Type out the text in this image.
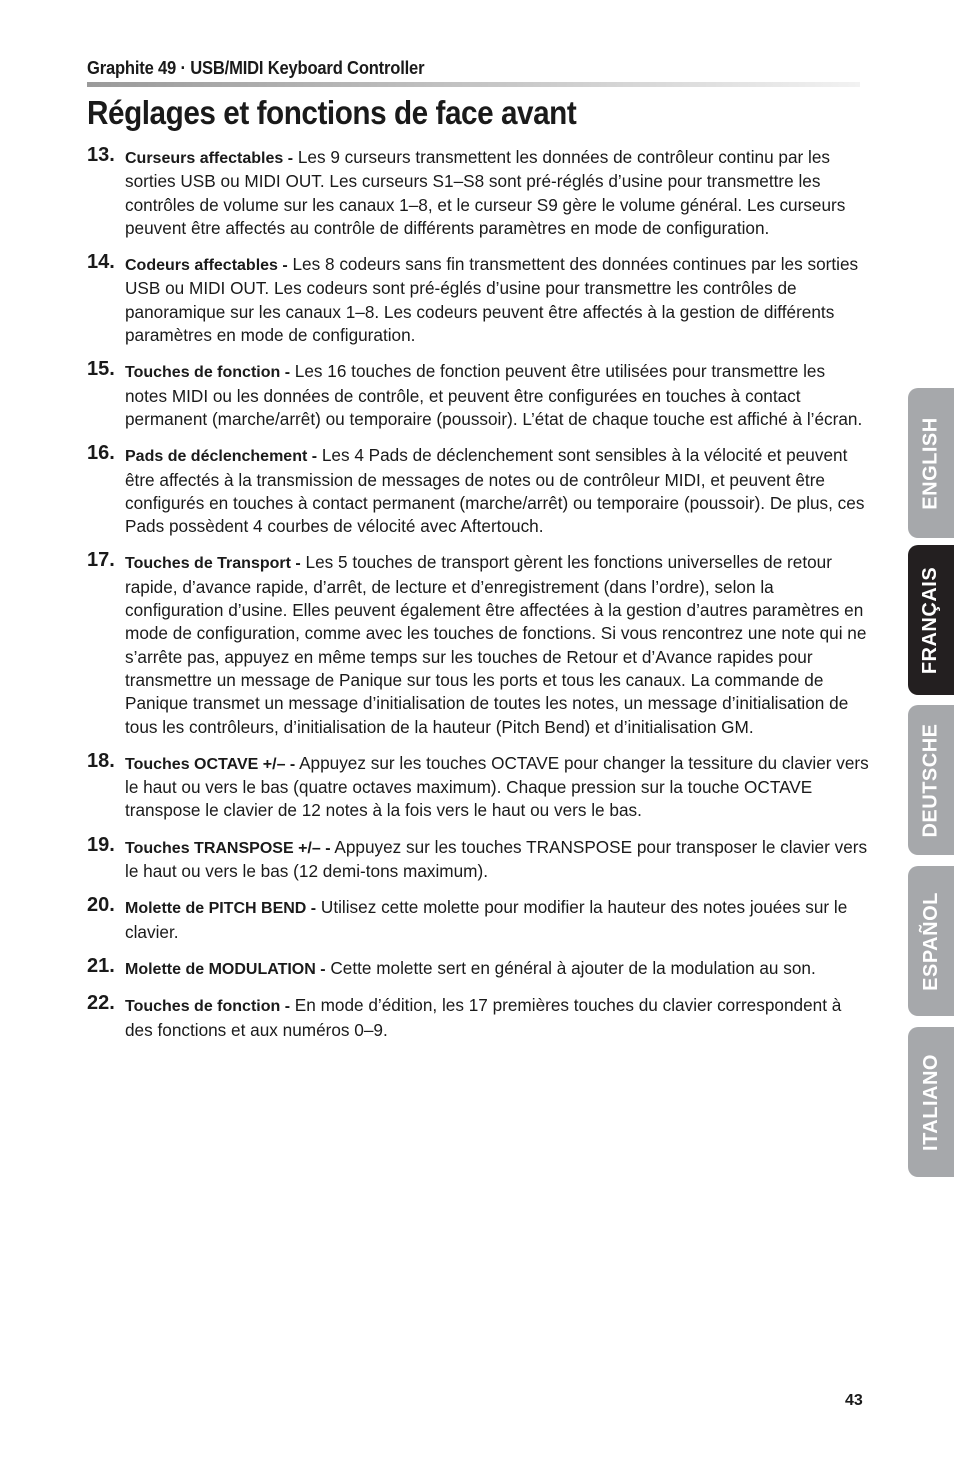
Graphite 49 · USB/MIDI Keyboard Controller
Réglages et fonctions de face avant
13. Curseurs affectables - Les 9 curseurs transmettent les données de contrôleur continu par les sorties USB ou MIDI OUT. Les curseurs S1–S8 sont pré-réglés d’usine pour transmettre les contrôles de volume sur les canaux 1–8, et le curseur S9 gère le volume général. Les curseurs peuvent être affectés au contrôle de différents paramètres en mode de configuration.
14. Codeurs affectables - Les 8 codeurs sans fin transmettent des données continues par les sorties USB ou MIDI OUT. Les codeurs sont pré-églés d’usine pour transmettre les contrôles de panoramique sur les canaux 1–8. Les codeurs peuvent être affectés à la gestion de différents paramètres en mode de configuration.
15. Touches de fonction - Les 16 touches de fonction peuvent être utilisées pour transmettre les notes MIDI ou les données de contrôle, et peuvent être configurées en touches à contact permanent (marche/arrêt) ou temporaire (poussoir). L’état de chaque touche est affiché à l’écran.
16. Pads de déclenchement - Les 4 Pads de déclenchement sont sensibles à la vélocité et peuvent être affectés à la transmission de messages de notes ou de contrôleur MIDI, et peuvent être configurés en touches à contact permanent (marche/arrêt) ou temporaire (poussoir). De plus, ces Pads possèdent 4 courbes de vélocité avec Aftertouch.
17. Touches de Transport - Les 5 touches de transport gèrent les fonctions universelles de retour rapide, d’avance rapide, d’arrêt, de lecture et d’enregistrement (dans l’ordre), selon la configuration d’usine. Elles peuvent également être affectées à la gestion d’autres paramètres en mode de configuration, comme avec les touches de fonctions. Si vous rencontrez une note qui ne s’arrête pas, appuyez en même temps sur les touches de Retour et d’Avance rapides pour transmettre un message de Panique sur tous les ports et tous les canaux. La commande de Panique transmet un message d’initialisation de toutes les notes, un message d’initialisation de tous les contrôleurs, d’initialisation de la hauteur (Pitch Bend) et d’initialisation GM.
18. Touches OCTAVE +/– - Appuyez sur les touches OCTAVE pour changer la tessiture du clavier vers le haut ou vers le bas (quatre octaves maximum). Chaque pression sur la touche OCTAVE transpose le clavier de 12 notes à la fois vers le haut ou vers le bas.
19. Touches TRANSPOSE +/– - Appuyez sur les touches TRANSPOSE pour transposer le clavier vers le haut ou vers le bas (12 demi-tons maximum).
20. Molette de PITCH BEND - Utilisez cette molette pour modifier la hauteur des notes jouées sur le clavier.
21. Molette de MODULATION - Cette molette sert en général à ajouter de la modulation au son.
22. Touches de fonction - En mode d’édition, les 17 premières touches du clavier correspondent à des fonctions et aux numéros 0–9.
ENGLISH
FRANÇAIS
DEUTSCHE
ESPAÑOL
ITALIANO
43
